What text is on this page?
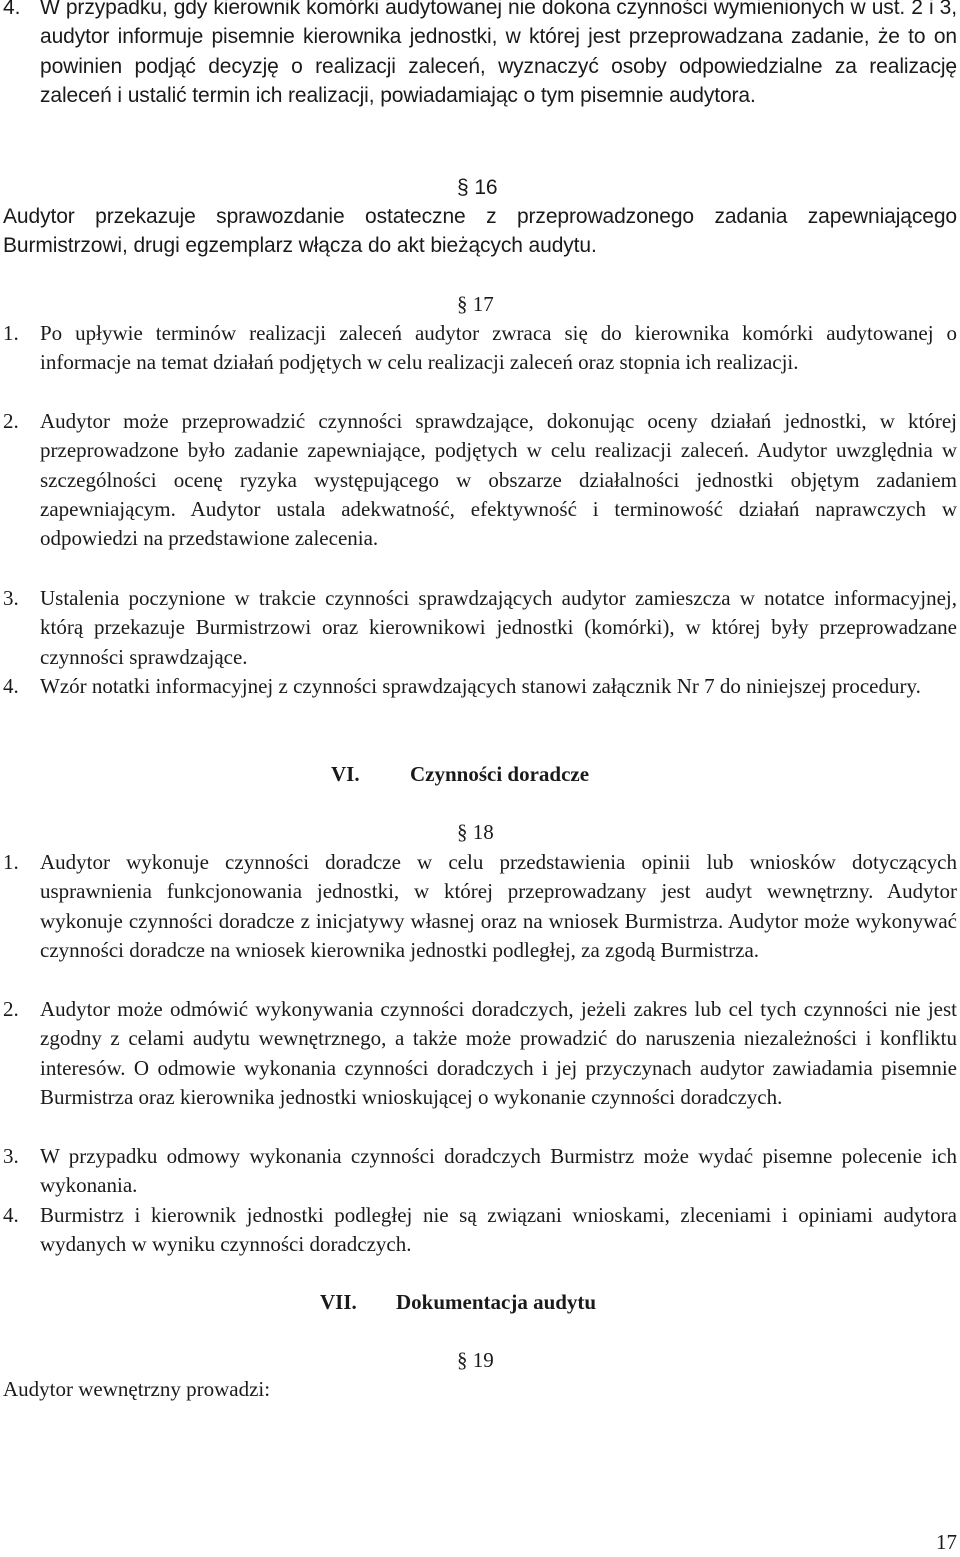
4. W przypadku, gdy kierownik komórki audytowanej nie dokona czynności wymienionych w ust. 2 i 3, audytor informuje pisemnie kierownika jednostki, w której jest przeprowadzana zadanie, że to on powinien podjąć decyzję o realizacji zaleceń, wyznaczyć osoby odpowiedzialne za realizację zaleceń i ustalić termin ich realizacji, powiadamiając o tym pisemnie audytora.

§ 16

Audytor przekazuje sprawozdanie ostateczne z przeprowadzonego zadania zapewniającego Burmistrzowi, drugi egzemplarz włącza do akt bieżących audytu.

§ 17

1. Po upływie terminów realizacji zaleceń audytor zwraca się do kierownika komórki audytowanej o informacje na temat działań podjętych w celu realizacji zaleceń oraz stopnia ich realizacji.
2. Audytor może przeprowadzić czynności sprawdzające, dokonując oceny działań jednostki, w której przeprowadzone było zadanie zapewniające, podjętych w celu realizacji zaleceń. Audytor uwzględnia w szczególności ocenę ryzyka występującego w obszarze działalności jednostki objętym zadaniem zapewniającym. Audytor ustala adekwatność, efektywność i terminowość działań naprawczych w odpowiedzi na przedstawione zalecenia.
3. Ustalenia poczynione w trakcie czynności sprawdzających audytor zamieszcza w notatce informacyjnej, którą przekazuje Burmistrzowi oraz kierownikowi jednostki (komórki), w której były przeprowadzane czynności sprawdzające.
4. Wzór notatki informacyjnej z czynności sprawdzających stanowi załącznik Nr 7 do niniejszej procedury.

VI. Czynności doradcze

§ 18

1. Audytor wykonuje czynności doradcze w celu przedstawienia opinii lub wniosków dotyczących usprawnienia funkcjonowania jednostki, w której przeprowadzany jest audyt wewnętrzny. Audytor wykonuje czynności doradcze z inicjatywy własnej oraz na wniosek Burmistrza. Audytor może wykonywać czynności doradcze na wniosek kierownika jednostki podległej, za zgodą Burmistrza.
2. Audytor może odmówić wykonywania czynności doradczych, jeżeli zakres lub cel tych czynności nie jest zgodny z celami audytu wewnętrznego, a także może prowadzić do naruszenia niezależności i konfliktu interesów. O odmowie wykonania czynności doradczych i jej przyczynach audytor zawiadamia pisemnie Burmistrza oraz kierownika jednostki wnioskującej o wykonanie czynności doradczych.
3. W przypadku odmowy wykonania czynności doradczych Burmistrz może wydać pisemne polecenie ich wykonania.
4. Burmistrz i kierownik jednostki podległej nie są związani wnioskami, zleceniami i opiniami audytora wydanych w wyniku czynności doradczych.

VII. Dokumentacja audytu

§ 19

Audytor wewnętrzny prowadzi:

17
